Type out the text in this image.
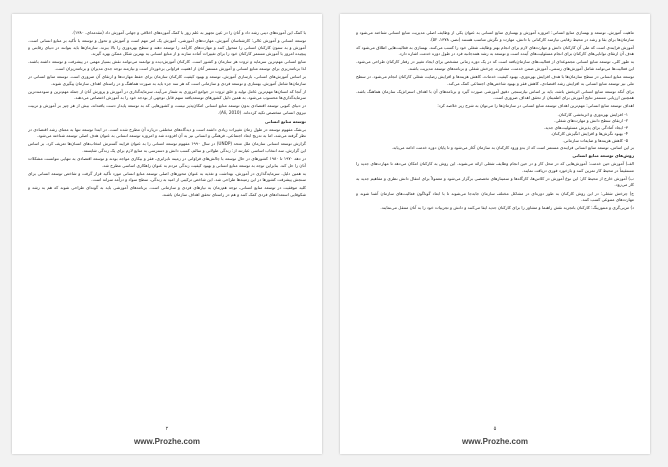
با کمک این آموزه‌های دینی رشد داد و آنان را در عین تجهیز به علم روز با کمک آموزه‌های اخلاقی و جهانی آموزش داد (مقدمه‌ای، ۱۳۸۰).

توسعه انسانی و آموزش عالی: کارشناسان آموزش، مهارت‌های آموزشی، آموزش یک امر مهم است و آموزش و تحول و توسعه با تأکید بر منابع انسانی است. آموزش و به ستون کارکنان انسانی را متحول کنند و مهارت‌های کارآمد را توسعه دهند و سطح بهره‌وری را بالا ببرند. سازمان‌ها باید بتوانند در دنیای رقابتی و پیچیده امروز با آموزش مستمر کارکنان خود را برای تغییرات آماده سازند و از منابع انسانی به بهترین شکل ممکن بهره گیرند.

منابع انسانی مهم‌ترین سرمایه و ثروت هر سازمان و کشور است. کارکنان آموزش‌دیده و توانمند می‌توانند نقش بسیار مهمی در پیشرفت و توسعه داشته باشند. لذا برنامه‌ریزی برای توسعه منابع انسانی و آموزش مستمر آنان از اهمیت فراوانی برخوردار است و نیازمند توجه جدی مدیران و برنامه‌ریزان است.

بر اساس آموزش‌های انسانی، بازسازی آموزش، توسعه و بهبود کیفیت کارکنان سازمان برای حفظ مهارت‌ها و ارتقای آن ضروری است. توسعه منابع انسانی در سازمان‌ها شامل آموزش، بهسازی و توسعه فردی و سازمانی است که هر سه جزء باید به صورت هماهنگ و در راستای اهداف سازمان پیگیری شوند.

از آنجا که انسان‌ها مهم‌ترین عامل تولید و خلق ثروت در جوامع امروزی به شمار می‌آیند، سرمایه‌گذاری در آموزش و پرورش آنان از جمله مهم‌ترین و سودمندترین سرمایه‌گذاری‌ها محسوب می‌شود. به همین دلیل کشورهای توسعه‌یافته سهم قابل توجهی از بودجه خود را به آموزش اختصاص می‌دهند.

در دنیای کنونی توسعه اقتصادی بدون توسعه منابع انسانی امکان‌پذیر نیست و کشورهایی که به توسعه پایدار دست یافته‌اند، بیش از هر چیز بر آموزش و تربیت نیروی انسانی متخصص تکیه کرده‌اند. (Ali, 2010).

توسعه منابع انسانی

بی‌شک مفهوم توسعه در طول زمان تغییرات زیادی داشته است و دیدگاه‌های مختلفی درباره آن مطرح شده است. در ابتدا توسعه تنها به معنای رشد اقتصادی در نظر گرفته می‌شد، اما به تدریج ابعاد اجتماعی، فرهنگی و انسانی نیز به آن افزوده شد و امروزه توسعه انسانی به عنوان هدف اصلی توسعه شناخته می‌شود.

گزارش توسعه انسانی سازمان ملل متحد (UNDP) در سال ۱۹۹۰ مفهوم توسعه انسانی را به عنوان فرایند گسترش انتخاب‌های انسان‌ها تعریف کرد. بر اساس این گزارش، سه انتخاب اساسی عبارتند از: زندگی طولانی و سالم، کسب دانش و دسترسی به منابع لازم برای یک زندگی شایسته.

در دهه ۱۹۷۰ تا ۱۹۸۰ کشورهای در حال توسعه با چالش‌های فراوانی در زمینه نابرابری، فقر و بیکاری مواجه بودند و توسعه اقتصادی به تنهایی نتوانست مشکلات آنان را حل کند. بنابراین توجه به توسعه منابع انسانی و بهبود کیفیت زندگی مردم به عنوان راهکاری اساسی مطرح شد.

به همین دلیل، سرمایه‌گذاری در آموزش، بهداشت و تغذیه به عنوان محورهای اصلی توسعه منابع انسانی مورد تأکید قرار گرفت و شاخص توسعه انسانی برای سنجش پیشرفت کشورها در این زمینه‌ها طراحی شد. این شاخص ترکیبی از امید به زندگی، سطح سواد و درآمد سرانه است.

کلید موفقیت در توسعه منابع انسانی، توجه هم‌زمان به نیازهای فردی و سازمانی است. برنامه‌های آموزشی باید به گونه‌ای طراحی شوند که هم به رشد و شکوفایی استعدادهای فردی کمک کنند و هم در راستای تحقق اهداف سازمان باشند.

۲
www.Prozhe.com

ماهیت آموزش، توسعه و بهسازی منابع انسانی: امروزه آموزش و بهسازی منابع انسانی به عنوان یکی از وظایف اصلی مدیریت منابع انسانی شناخته می‌شود و سازمان‌ها برای بقا و رشد در محیط رقابتی نیازمند کارکنانی با دانش، مهارت و نگرش مناسب هستند (نصر، ۱۳۷۸، ۵۲).

آموزش فرایندی است که طی آن کارکنان دانش و مهارت‌های لازم برای انجام بهتر وظایف شغلی خود را کسب می‌کنند. بهسازی به فعالیت‌هایی اطلاق می‌شود که هدف آن ارتقای توانایی‌های کارکنان برای انجام مسئولیت‌های آینده است و توسعه به رشد همه‌جانبه فرد در طول دوره خدمت اشاره دارد.

به طور کلی، توسعه منابع انسانی مجموعه‌ای از فعالیت‌های سازمان‌یافته است که در یک دوره زمانی مشخص برای ایجاد تغییر در رفتار کارکنان طراحی می‌شود. این فعالیت‌ها می‌توانند شامل آموزش‌های رسمی، آموزش ضمن خدمت، مشاوره، چرخش شغلی و برنامه‌های توسعه مدیریت باشند.

توسعه منابع انسانی در سطح سازمان‌ها با هدف افزایش بهره‌وری، بهبود کیفیت خدمات، کاهش هزینه‌ها و افزایش رضایت شغلی کارکنان انجام می‌شود. در سطح ملی نیز توسعه منابع انسانی به افزایش رشد اقتصادی، کاهش فقر و بهبود شاخص‌های اجتماعی کمک می‌کند.

برای آنکه توسعه منابع انسانی اثربخش باشد، باید بر اساس نیازسنجی دقیق آموزشی صورت گیرد و برنامه‌های آن با اهداف استراتژیک سازمان هماهنگ باشد. همچنین ارزیابی مستمر نتایج آموزش برای اطمینان از تحقق اهداف ضروری است.

اهداف توسعه منابع انسانی: مهم‌ترین اهداف توسعه منابع انسانی در سازمان‌ها را می‌توان به شرح زیر خلاصه کرد:

۱- افزایش بهره‌وری و اثربخشی کارکنان.

۲- ارتقای سطح دانش و مهارت‌های شغلی.

۳- ایجاد آمادگی برای پذیرش مسئولیت‌های جدید.

۴- بهبود نگرش‌ها و افزایش انگیزش کارکنان.

۵- کاهش هزینه‌ها و ضایعات سازمانی.

بر این اساس، توسعه منابع انسانی فرایندی مستمر است که از بدو ورود کارکنان به سازمان آغاز می‌شود و تا پایان دوره خدمت ادامه می‌یابد.

روش‌های توسعه منابع انسانی

الف) آموزش حین خدمت: آموزش‌هایی که در محل کار و در حین انجام وظایف شغلی ارائه می‌شوند. این روش به کارکنان امکان می‌دهد تا مهارت‌های جدید را مستقیماً در محیط کار تمرین کنند و بازخورد فوری دریافت نمایند.

ب) آموزش خارج از محیط کار: این نوع آموزش در کلاس‌ها، کارگاه‌ها و سمینارهای تخصصی برگزار می‌شود و معمولاً برای انتقال دانش نظری و مفاهیم جدید به کار می‌رود.

ج) چرخش شغلی: در این روش کارکنان به طور دوره‌ای در مشاغل مختلف سازمان جابه‌جا می‌شوند تا با ابعاد گوناگون فعالیت‌های سازمان آشنا شوند و مهارت‌های متنوعی کسب کنند.

د) مربی‌گری و منتورینگ: کارکنان باتجربه نقش راهنما و مشاور را برای کارکنان جدید ایفا می‌کنند و دانش و تجربیات خود را به آنان منتقل می‌نمایند.

۵
www.Prozhe.com
